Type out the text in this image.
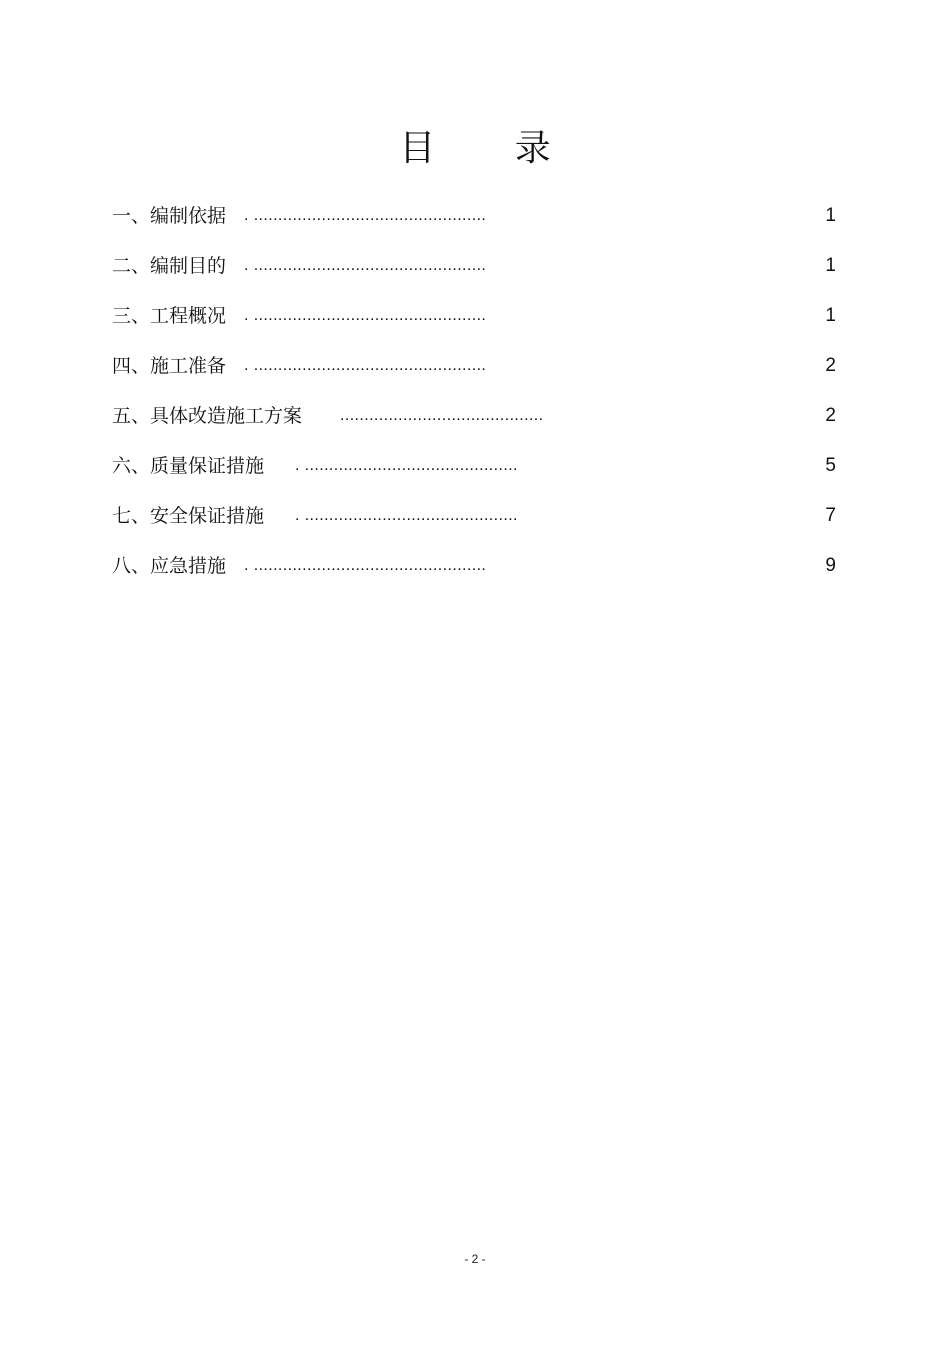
目 录
一、编制依据 . ................................................	1
二、编制目的 . ................................................	1
三、工程概况 . ................................................	1
四、施工准备 . ................................................	2
五、具体改造施工方案 ..........................................	2
六、质量保证措施 . ............................................	5
七、安全保证措施 . ............................................	7
八、应急措施 . ................................................	9
- 2 -
